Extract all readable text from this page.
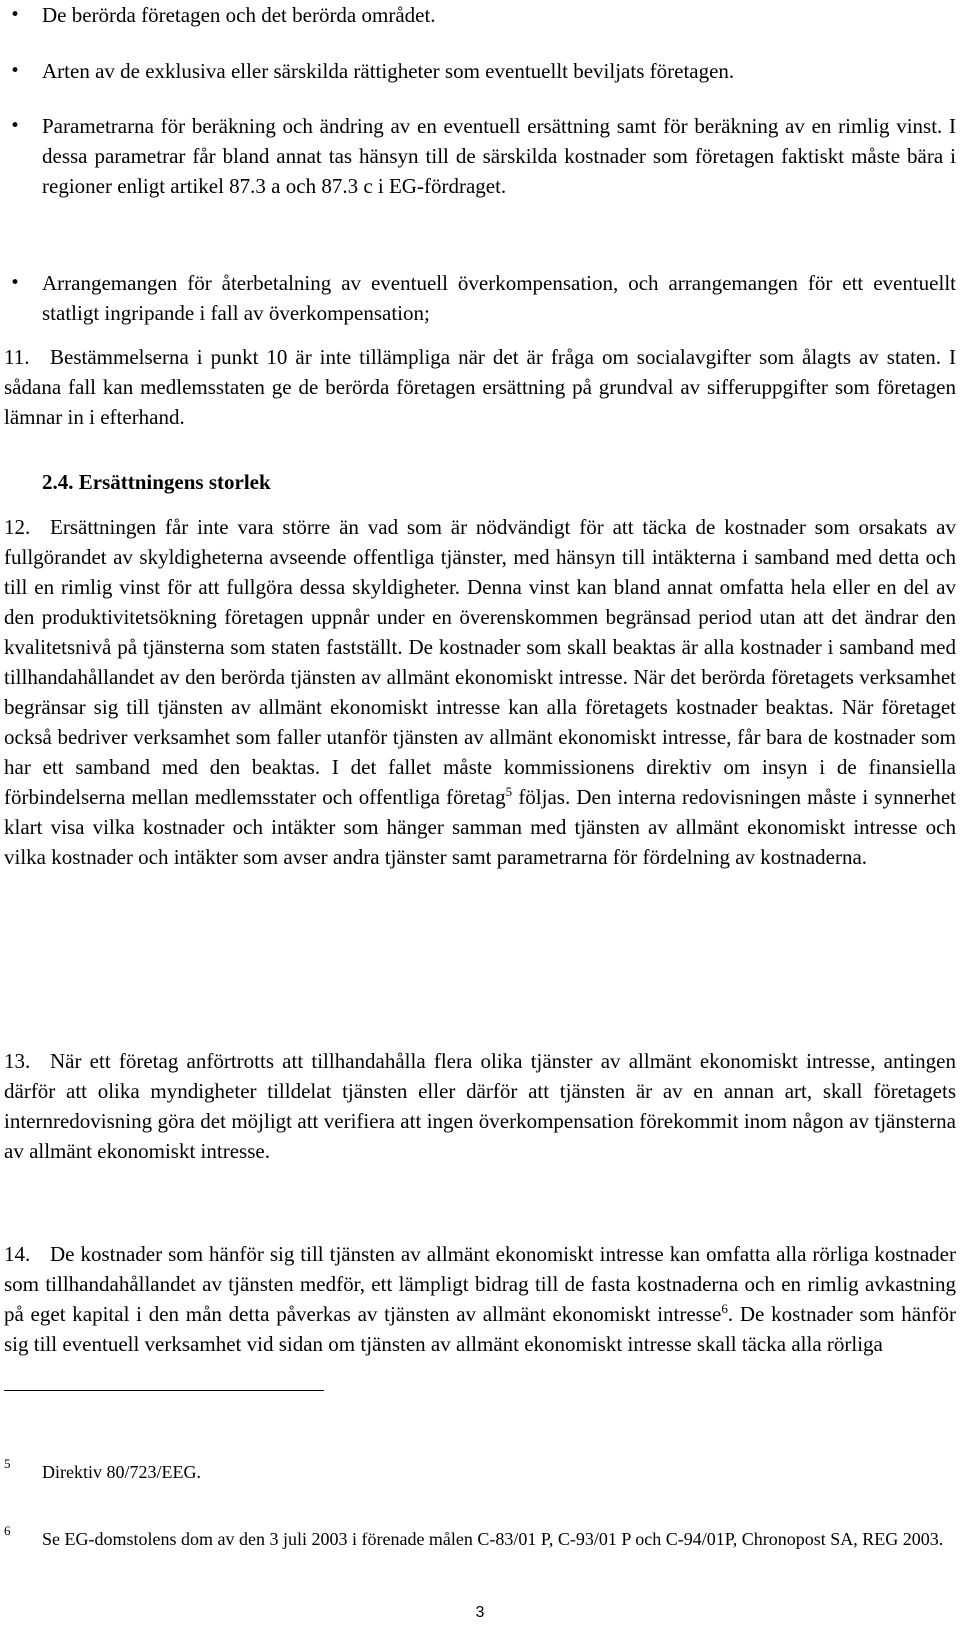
• De berörda företagen och det berörda området.
• Arten av de exklusiva eller särskilda rättigheter som eventuellt beviljats företagen.
• Parametrarna för beräkning och ändring av en eventuell ersättning samt för beräkning av en rimlig vinst. I dessa parametrar får bland annat tas hänsyn till de särskilda kostnader som företagen faktiskt måste bära i regioner enligt artikel 87.3 a och 87.3 c i EG-fördraget.
• Arrangemangen för återbetalning av eventuell överkompensation, och arrangemangen för ett eventuellt statligt ingripande i fall av överkompensation;
11. Bestämmelserna i punkt 10 är inte tillämpliga när det är fråga om socialavgifter som ålagts av staten. I sådana fall kan medlemsstaten ge de berörda företagen ersättning på grundval av sifferuppgifter som företagen lämnar in i efterhand.
2.4. Ersättningens storlek
12. Ersättningen får inte vara större än vad som är nödvändigt för att täcka de kostnader som orsakats av fullgörandet av skyldigheterna avseende offentliga tjänster, med hänsyn till intäkterna i samband med detta och till en rimlig vinst för att fullgöra dessa skyldigheter. Denna vinst kan bland annat omfatta hela eller en del av den produktivitetsökning företagen uppnår under en överenskommen begränsad period utan att det ändrar den kvalitetsnivå på tjänsterna som staten fastställt. De kostnader som skall beaktas är alla kostnader i samband med tillhandahållandet av den berörda tjänsten av allmänt ekonomiskt intresse. När det berörda företagets verksamhet begränsar sig till tjänsten av allmänt ekonomiskt intresse kan alla företagets kostnader beaktas. När företaget också bedriver verksamhet som faller utanför tjänsten av allmänt ekonomiskt intresse, får bara de kostnader som har ett samband med den beaktas. I det fallet måste kommissionens direktiv om insyn i de finansiella förbindelserna mellan medlemsstater och offentliga företag$^5$ följas. Den interna redovisningen måste i synnerhet klart visa vilka kostnader och intäkter som hänger samman med tjänsten av allmänt ekonomiskt intresse och vilka kostnader och intäkter som avser andra tjänster samt parametrarna för fördelning av kostnaderna.
13. När ett företag anförtrotts att tillhandahålla flera olika tjänster av allmänt ekonomiskt intresse, antingen därför att olika myndigheter tilldelat tjänsten eller därför att tjänsten är av en annan art, skall företagets internredovisning göra det möjligt att verifiera att ingen överkompensation förekommit inom någon av tjänsterna av allmänt ekonomiskt intresse.
14. De kostnader som hänför sig till tjänsten av allmänt ekonomiskt intresse kan omfatta alla rörliga kostnader som tillhandahållandet av tjänsten medför, ett lämpligt bidrag till de fasta kostnaderna och en rimlig avkastning på eget kapital i den mån detta påverkas av tjänsten av allmänt ekonomiskt intresse$^6$. De kostnader som hänför sig till eventuell verksamhet vid sidan om tjänsten av allmänt ekonomiskt intresse skall täcka alla rörliga
5 Direktiv 80/723/EEG.
6 Se EG-domstolens dom av den 3 juli 2003 i förenade målen C-83/01 P, C-93/01 P och C-94/01P, Chronopost SA, REG 2003.
3
